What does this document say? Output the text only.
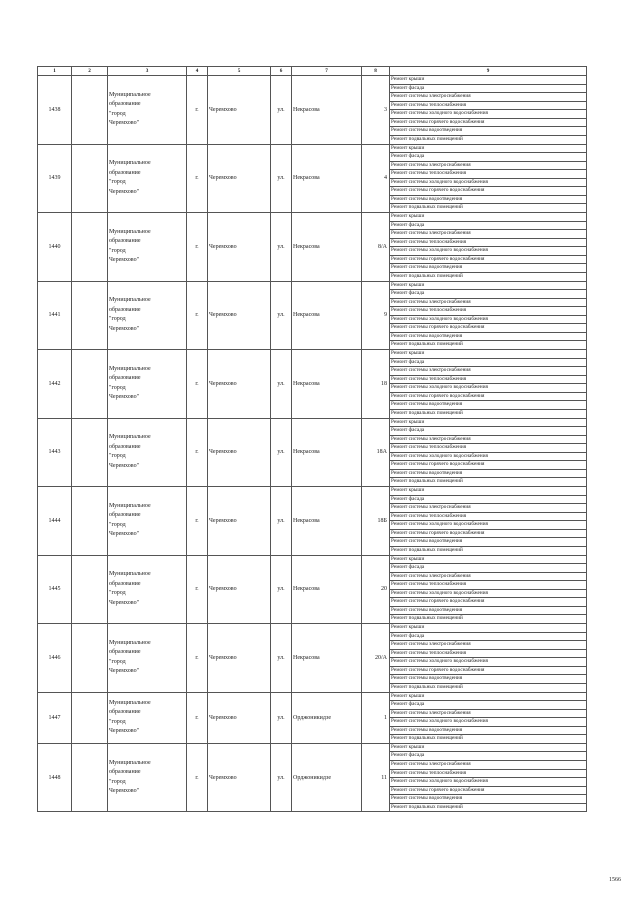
1	2	3	4	5	6	7	8	9
1438		Муниципальное
образование
"город
Черемхово"	г.	Черемхово	ул.	Некрасова	3	Ремонт крыши
								Ремонт фасада
								Ремонт системы электроснабжения
								Ремонт системы теплоснабжения
								Ремонт системы холодного водоснабжения
								Ремонт системы горячего водоснабжения
								Ремонт системы водоотведения
								Ремонт подвальных помещений
1439		Муниципальное
образование
"город
Черемхово"	г.	Черемхово	ул.	Некрасова	4	Ремонт крыши
								Ремонт фасада
								Ремонт системы электроснабжения
								Ремонт системы теплоснабжения
								Ремонт системы холодного водоснабжения
								Ремонт системы горячего водоснабжения
								Ремонт системы водоотведения
								Ремонт подвальных помещений
1440		Муниципальное
образование
"город
Черемхово"	г.	Черемхово	ул.	Некрасова	8/А	Ремонт крыши
								Ремонт фасада
								Ремонт системы электроснабжения
								Ремонт системы теплоснабжения
								Ремонт системы холодного водоснабжения
								Ремонт системы горячего водоснабжения
								Ремонт системы водоотведения
								Ремонт подвальных помещений
1441		Муниципальное
образование
"город
Черемхово"	г.	Черемхово	ул.	Некрасова	9	Ремонт крыши
								Ремонт фасада
								Ремонт системы электроснабжения
								Ремонт системы теплоснабжения
								Ремонт системы холодного водоснабжения
								Ремонт системы горячего водоснабжения
								Ремонт системы водоотведения
								Ремонт подвальных помещений
1442		Муниципальное
образование
"город
Черемхово"	г.	Черемхово	ул.	Некрасова	18	Ремонт крыши
								Ремонт фасада
								Ремонт системы электроснабжения
								Ремонт системы теплоснабжения
								Ремонт системы холодного водоснабжения
								Ремонт системы горячего водоснабжения
								Ремонт системы водоотведения
								Ремонт подвальных помещений
1443		Муниципальное
образование
"город
Черемхово"	г.	Черемхово	ул.	Некрасова	18А	Ремонт крыши
								Ремонт фасада
								Ремонт системы электроснабжения
								Ремонт системы теплоснабжения
								Ремонт системы холодного водоснабжения
								Ремонт системы горячего водоснабжения
								Ремонт системы водоотведения
								Ремонт подвальных помещений
1444		Муниципальное
образование
"город
Черемхово"	г.	Черемхово	ул.	Некрасова	18Б	Ремонт крыши
								Ремонт фасада
								Ремонт системы электроснабжения
								Ремонт системы теплоснабжения
								Ремонт системы холодного водоснабжения
								Ремонт системы горячего водоснабжения
								Ремонт системы водоотведения
								Ремонт подвальных помещений
1445		Муниципальное
образование
"город
Черемхово"	г.	Черемхово	ул.	Некрасова	20	Ремонт крыши
								Ремонт фасада
								Ремонт системы электроснабжения
								Ремонт системы теплоснабжения
								Ремонт системы холодного водоснабжения
								Ремонт системы горячего водоснабжения
								Ремонт системы водоотведения
								Ремонт подвальных помещений
1446		Муниципальное
образование
"город
Черемхово"	г.	Черемхово	ул.	Некрасова	20/А	Ремонт крыши
								Ремонт фасада
								Ремонт системы электроснабжения
								Ремонт системы теплоснабжения
								Ремонт системы холодного водоснабжения
								Ремонт системы горячего водоснабжения
								Ремонт системы водоотведения
								Ремонт подвальных помещений
1447		Муниципальное
образование
"город
Черемхово"	г.	Черемхово	ул.	Орджоникидзе	1	Ремонт крыши
								Ремонт фасада
								Ремонт системы электроснабжения
								Ремонт системы холодного водоснабжения
								Ремонт системы водоотведения
								Ремонт подвальных помещений
1448		Муниципальное
образование
"город
Черемхово"	г.	Черемхово	ул.	Орджоникидзе	11	Ремонт крыши
								Ремонт фасада
								Ремонт системы электроснабжения
								Ремонт системы теплоснабжения
								Ремонт системы холодного водоснабжения
								Ремонт системы горячего водоснабжения
								Ремонт системы водоотведения
								Ремонт подвальных помещений
1566
